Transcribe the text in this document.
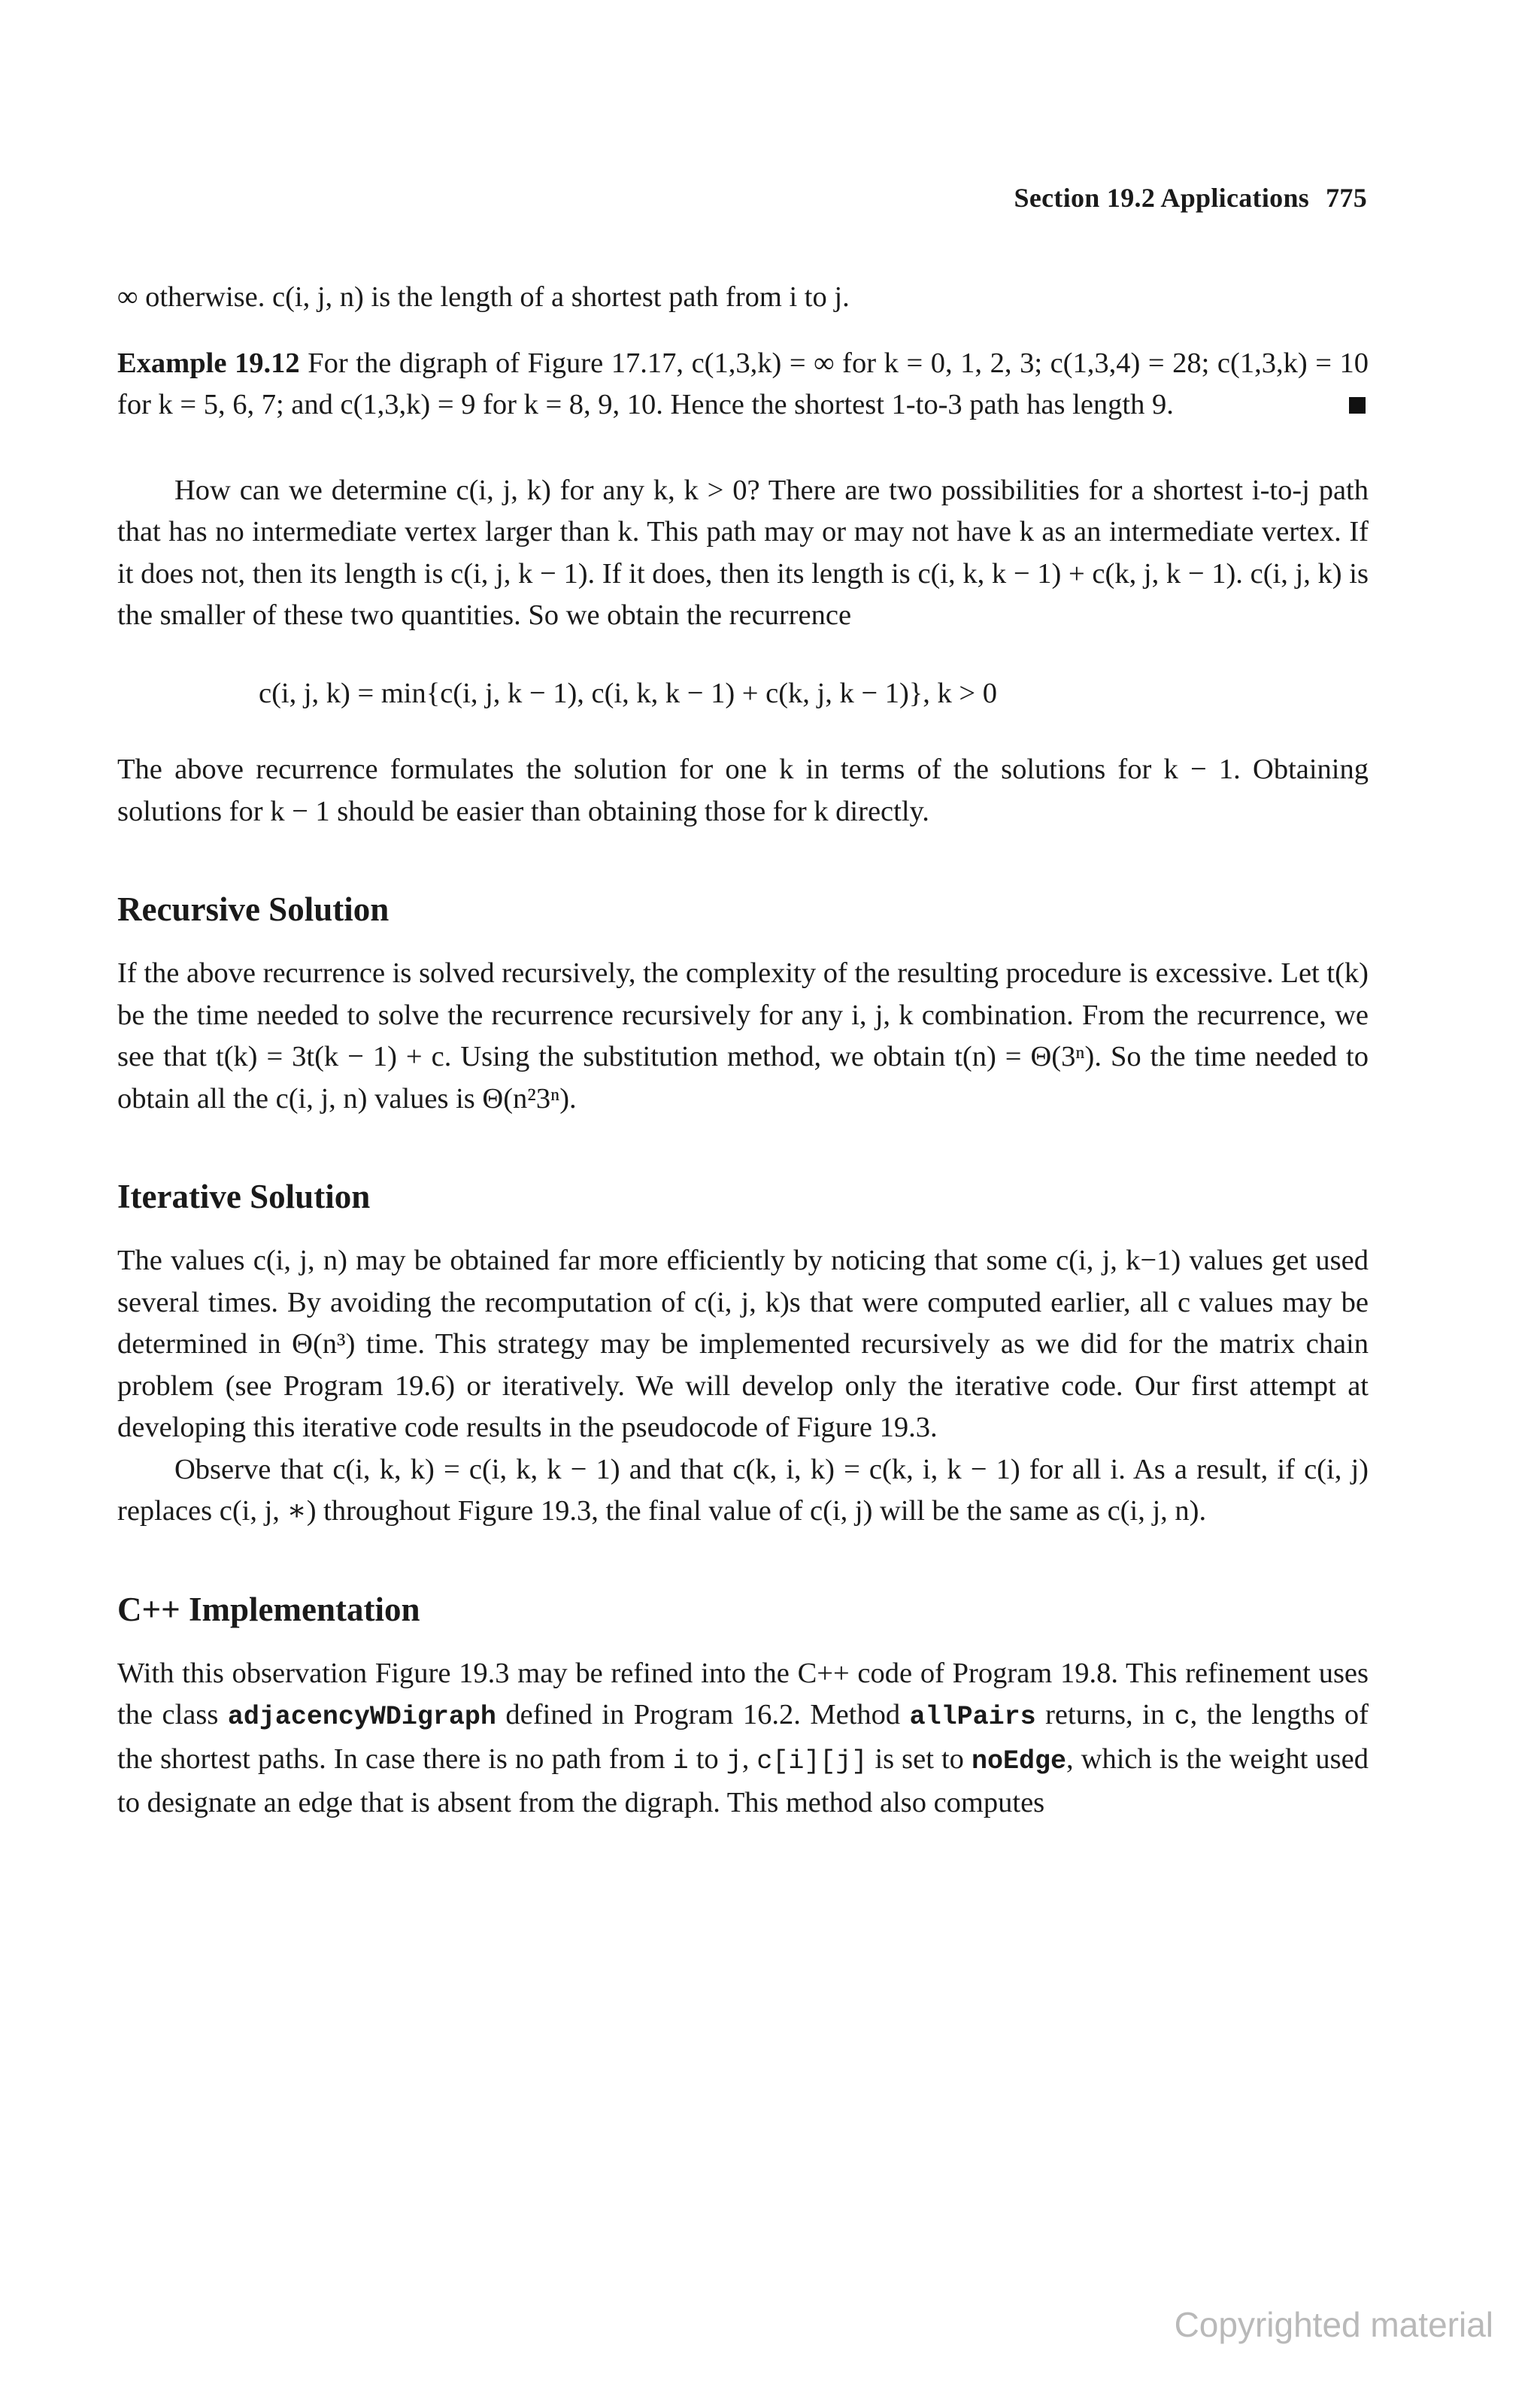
Section 19.2 Applications 775

∞ otherwise. c(i, j, n) is the length of a shortest path from i to j.

Example 19.12 For the digraph of Figure 17.17, c(1,3,k) = ∞ for k = 0, 1, 2, 3; c(1,3,4) = 28; c(1,3,k) = 10 for k = 5, 6, 7; and c(1,3,k) = 9 for k = 8, 9, 10. Hence the shortest 1-to-3 path has length 9.

How can we determine c(i, j, k) for any k, k > 0? There are two possibilities for a shortest i-to-j path that has no intermediate vertex larger than k. This path may or may not have k as an intermediate vertex. If it does not, then its length is c(i, j, k − 1). If it does, then its length is c(i, k, k − 1) + c(k, j, k − 1). c(i, j, k) is the smaller of these two quantities. So we obtain the recurrence

c(i, j, k) = min{c(i, j, k − 1), c(i, k, k − 1) + c(k, j, k − 1)}, k > 0

The above recurrence formulates the solution for one k in terms of the solutions for k − 1. Obtaining solutions for k − 1 should be easier than obtaining those for k directly.

Recursive Solution

If the above recurrence is solved recursively, the complexity of the resulting procedure is excessive. Let t(k) be the time needed to solve the recurrence recursively for any i, j, k combination. From the recurrence, we see that t(k) = 3t(k − 1) + c. Using the substitution method, we obtain t(n) = Θ(3ⁿ). So the time needed to obtain all the c(i, j, n) values is Θ(n²3ⁿ).

Iterative Solution

The values c(i, j, n) may be obtained far more efficiently by noticing that some c(i, j, k−1) values get used several times. By avoiding the recomputation of c(i, j, k)s that were computed earlier, all c values may be determined in Θ(n³) time. This strategy may be implemented recursively as we did for the matrix chain problem (see Program 19.6) or iteratively. We will develop only the iterative code. Our first attempt at developing this iterative code results in the pseudocode of Figure 19.3.

Observe that c(i, k, k) = c(i, k, k − 1) and that c(k, i, k) = c(k, i, k − 1) for all i. As a result, if c(i, j) replaces c(i, j, ∗) throughout Figure 19.3, the final value of c(i, j) will be the same as c(i, j, n).

C++ Implementation

With this observation Figure 19.3 may be refined into the C++ code of Program 19.8. This refinement uses the class adjacencyWDigraph defined in Program 16.2. Method allPairs returns, in c, the lengths of the shortest paths. In case there is no path from i to j, c[i][j] is set to noEdge, which is the weight used to designate an edge that is absent from the digraph. This method also computes

Copyrighted material
